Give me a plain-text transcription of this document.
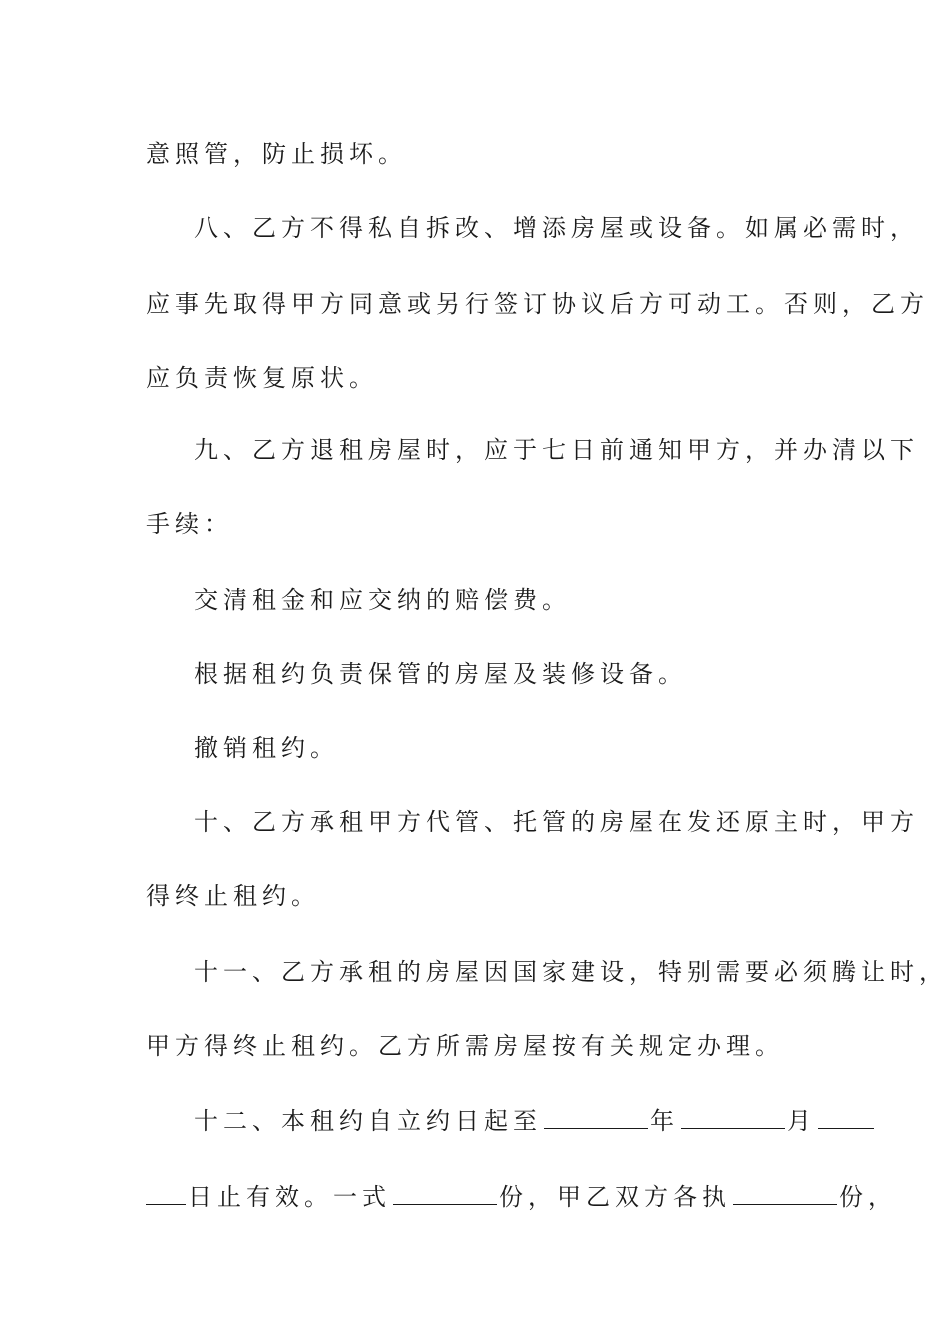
意照管，防止损坏。

八、乙方不得私自拆改、增添房屋或设备。如属必需时，

应事先取得甲方同意或另行签订协议后方可动工。否则，乙方

应负责恢复原状。

九、乙方退租房屋时，应于七日前通知甲方，并办清以下

手续：

交清租金和应交纳的赔偿费。

根据租约负责保管的房屋及装修设备。

撤销租约。

十、乙方承租甲方代管、托管的房屋在发还原主时，甲方

得终止租约。

十一、乙方承租的房屋因国家建设，特别需要必须腾让时，

甲方得终止租约。乙方所需房屋按有关规定办理。

十二、本租约自立约日起至	年	月

日止有效。一式	份，甲乙双方各执	份，
